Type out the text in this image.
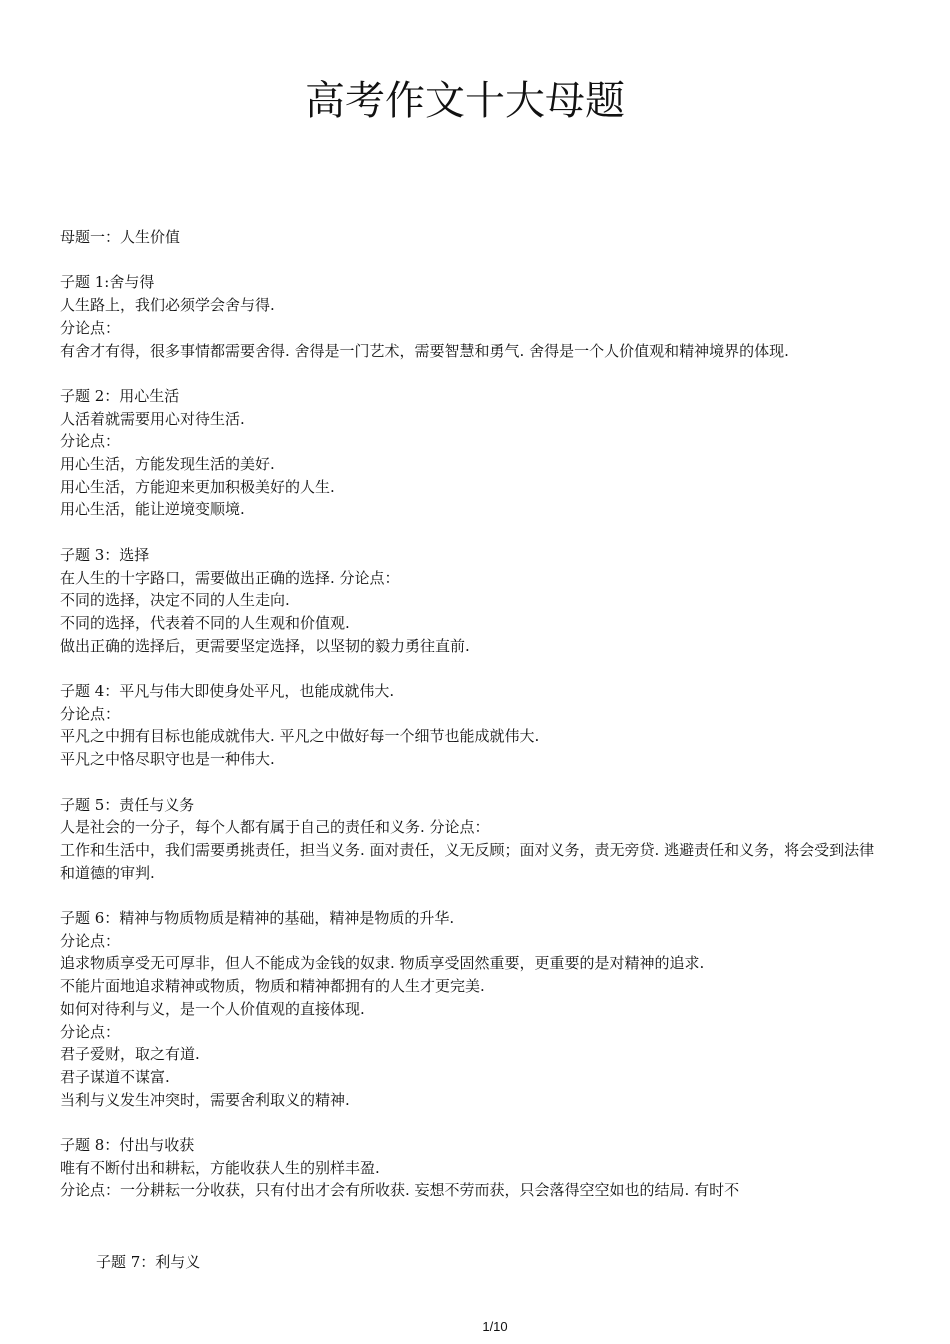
高考作文十大母题
母题一：人生价值
子题 1:舍与得
人生路上，我们必须学会舍与得.
分论点：
有舍才有得，很多事情都需要舍得. 舍得是一门艺术，需要智慧和勇气. 舍得是一个人价值观和精神境界的体现.
子题 2：用心生活
人活着就需要用心对待生活.
分论点：
用心生活，方能发现生活的美好.
用心生活，方能迎来更加积极美好的人生.
用心生活，能让逆境变顺境.
子题 3：选择
在人生的十字路口，需要做出正确的选择. 分论点：
不同的选择，决定不同的人生走向.
不同的选择，代表着不同的人生观和价值观.
做出正确的选择后，更需要坚定选择，以坚韧的毅力勇往直前.
子题 4：平凡与伟大即使身处平凡，也能成就伟大.
分论点：
平凡之中拥有目标也能成就伟大. 平凡之中做好每一个细节也能成就伟大.
平凡之中恪尽职守也是一种伟大.
子题 5：责任与义务
人是社会的一分子，每个人都有属于自己的责任和义务. 分论点：
工作和生活中，我们需要勇挑责任，担当义务. 面对责任，义无反顾；面对义务，责无旁贷. 逃避责任和义务，将会受到法律和道德的审判.
子题 6：精神与物质物质是精神的基础，精神是物质的升华.
分论点：
追求物质享受无可厚非，但人不能成为金钱的奴隶. 物质享受固然重要，更重要的是对精神的追求.
不能片面地追求精神或物质，物质和精神都拥有的人生才更完美.
如何对待利与义，是一个人价值观的直接体现.
分论点：
君子爱财，取之有道.
君子谋道不谋富.
当利与义发生冲突时，需要舍利取义的精神.
子题 8：付出与收获
唯有不断付出和耕耘，方能收获人生的别样丰盈.
分论点：一分耕耘一分收获，只有付出才会有所收获. 妄想不劳而获，只会落得空空如也的结局. 有时不
子题 7：利与义
1/10
